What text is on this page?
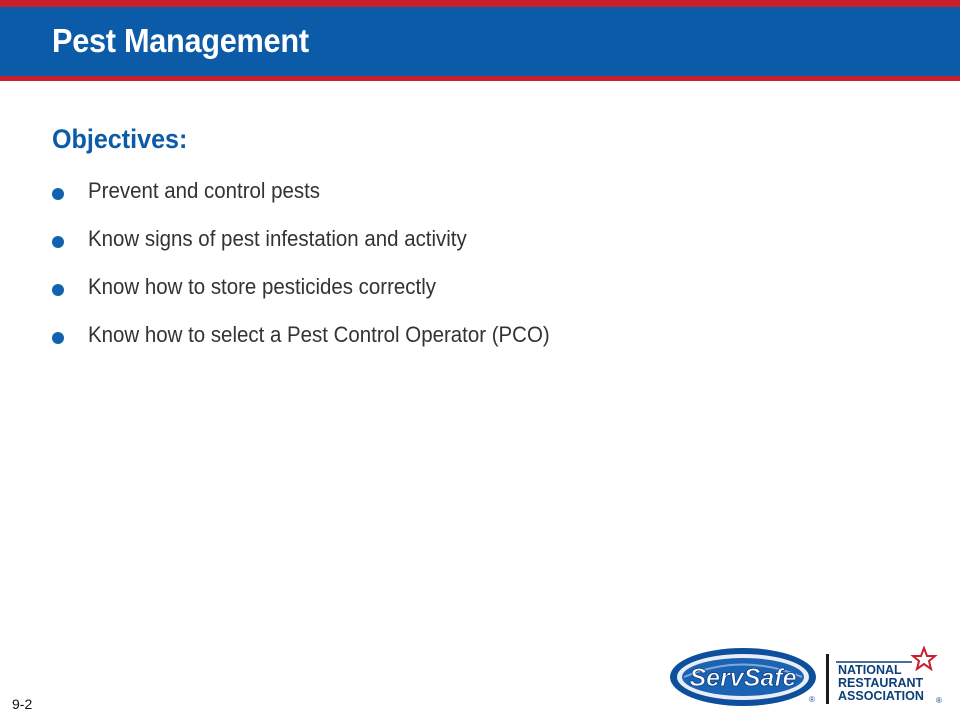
Pest Management
Objectives:
Prevent and control pests
Know signs of pest infestation and activity
Know how to store pesticides correctly
Know how to select a Pest Control Operator (PCO)
9-2
ServSafe
®
NATIONAL
RESTAURANT
ASSOCIATION ®
